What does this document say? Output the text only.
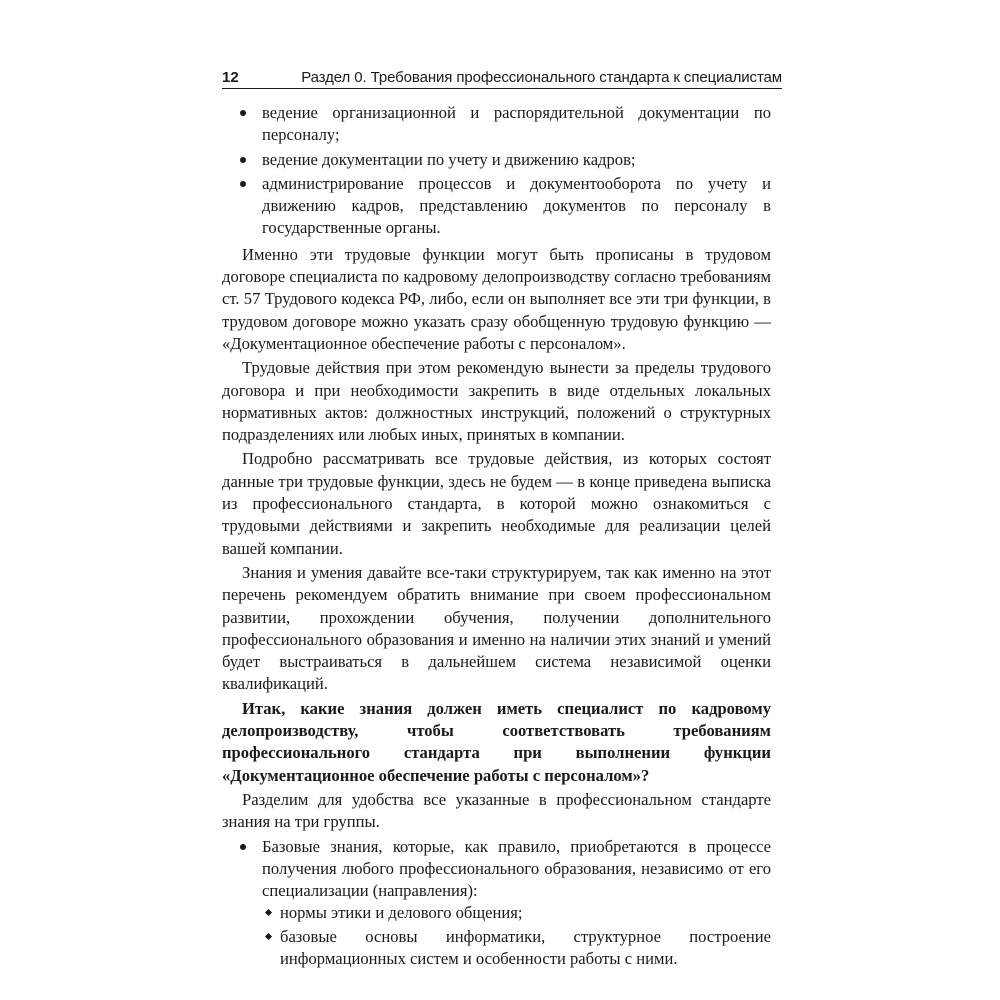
12	Раздел 0. Требования профессионального стандарта к специалистам
ведение организационной и распорядительной документации по персоналу;
ведение документации по учету и движению кадров;
администрирование процессов и документооборота по учету и движению кадров, представлению документов по персоналу в государственные органы.

Именно эти трудовые функции могут быть прописаны в трудовом договоре специалиста по кадровому делопроизводству согласно требованиям ст. 57 Трудового кодекса РФ, либо, если он выполняет все эти три функции, в трудовом договоре можно указать сразу обобщенную трудовую функцию — «Документационное обеспечение работы с персоналом».

Трудовые действия при этом рекомендую вынести за пределы трудового договора и при необходимости закрепить в виде отдельных локальных нормативных актов: должностных инструкций, положений о структурных подразделениях или любых иных, принятых в компании.

Подробно рассматривать все трудовые действия, из которых состоят данные три трудовые функции, здесь не будем — в конце приведена выписка из профессионального стандарта, в которой можно ознакомиться с трудовыми действиями и закрепить необходимые для реализации целей вашей компании.

Знания и умения давайте все-таки структурируем, так как именно на этот перечень рекомендуем обратить внимание при своем профессиональном развитии, прохождении обучения, получении дополнительного профессионального образования и именно на наличии этих знаний и умений будет выстраиваться в дальнейшем система независимой оценки квалификаций.

Итак, какие знания должен иметь специалист по кадровому делопроизводству, чтобы соответствовать требованиям профессионального стандарта при выполнении функции «Документационное обеспечение работы с персоналом»?

Разделим для удобства все указанные в профессиональном стандарте знания на три группы.

Базовые знания, которые, как правило, приобретаются в процессе получения любого профессионального образования, независимо от его специализации (направления):
нормы этики и делового общения;
базовые основы информатики, структурное построение информационных систем и особенности работы с ними.
